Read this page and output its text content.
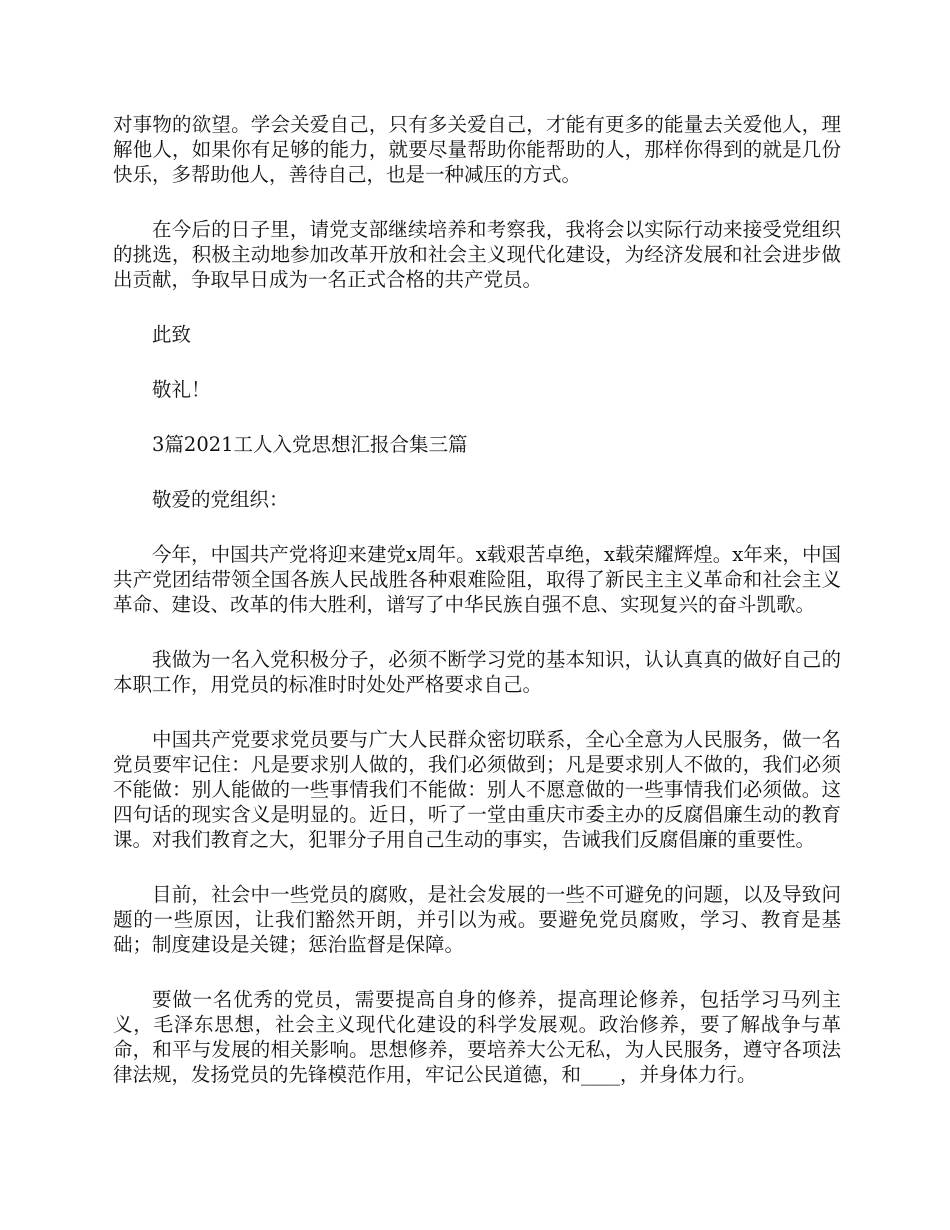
对事物的欲望。学会关爱自己，只有多关爱自己，才能有更多的能量去关爱他人，理解他人，如果你有足够的能力，就要尽量帮助你能帮助的人，那样你得到的就是几份快乐，多帮助他人，善待自己，也是一种减压的方式。

在今后的日子里，请党支部继续培养和考察我，我将会以实际行动来接受党组织的挑选，积极主动地参加改革开放和社会主义现代化建设，为经济发展和社会进步做出贡献，争取早日成为一名正式合格的共产党员。

此致

敬礼！

3篇2021工人入党思想汇报合集三篇

敬爱的党组织：

今年，中国共产党将迎来建党x周年。x载艰苦卓绝，x载荣耀辉煌。x年来，中国共产党团结带领全国各族人民战胜各种艰难险阻，取得了新民主主义革命和社会主义革命、建设、改革的伟大胜利，谱写了中华民族自强不息、实现复兴的奋斗凯歌。

我做为一名入党积极分子，必须不断学习党的基本知识，认认真真的做好自己的本职工作，用党员的标准时时处处严格要求自己。

中国共产党要求党员要与广大人民群众密切联系，全心全意为人民服务，做一名党员要牢记住：凡是要求别人做的，我们必须做到；凡是要求别人不做的，我们必须不能做：别人能做的一些事情我们不能做：别人不愿意做的一些事情我们必须做。这四句话的现实含义是明显的。近日，听了一堂由重庆市委主办的反腐倡廉生动的教育课。对我们教育之大，犯罪分子用自己生动的事实，告诫我们反腐倡廉的重要性。

目前，社会中一些党员的腐败，是社会发展的一些不可避免的问题，以及导致问题的一些原因，让我们豁然开朗，并引以为戒。要避免党员腐败，学习、教育是基础；制度建设是关键；惩治监督是保障。

要做一名优秀的党员，需要提高自身的修养，提高理论修养，包括学习马列主义，毛泽东思想，社会主义现代化建设的科学发展观。政治修养，要了解战争与革命，和平与发展的相关影响。思想修养，要培养大公无私，为人民服务，遵守各项法律法规，发扬党员的先锋模范作用，牢记公民道德，和____，并身体力行。
